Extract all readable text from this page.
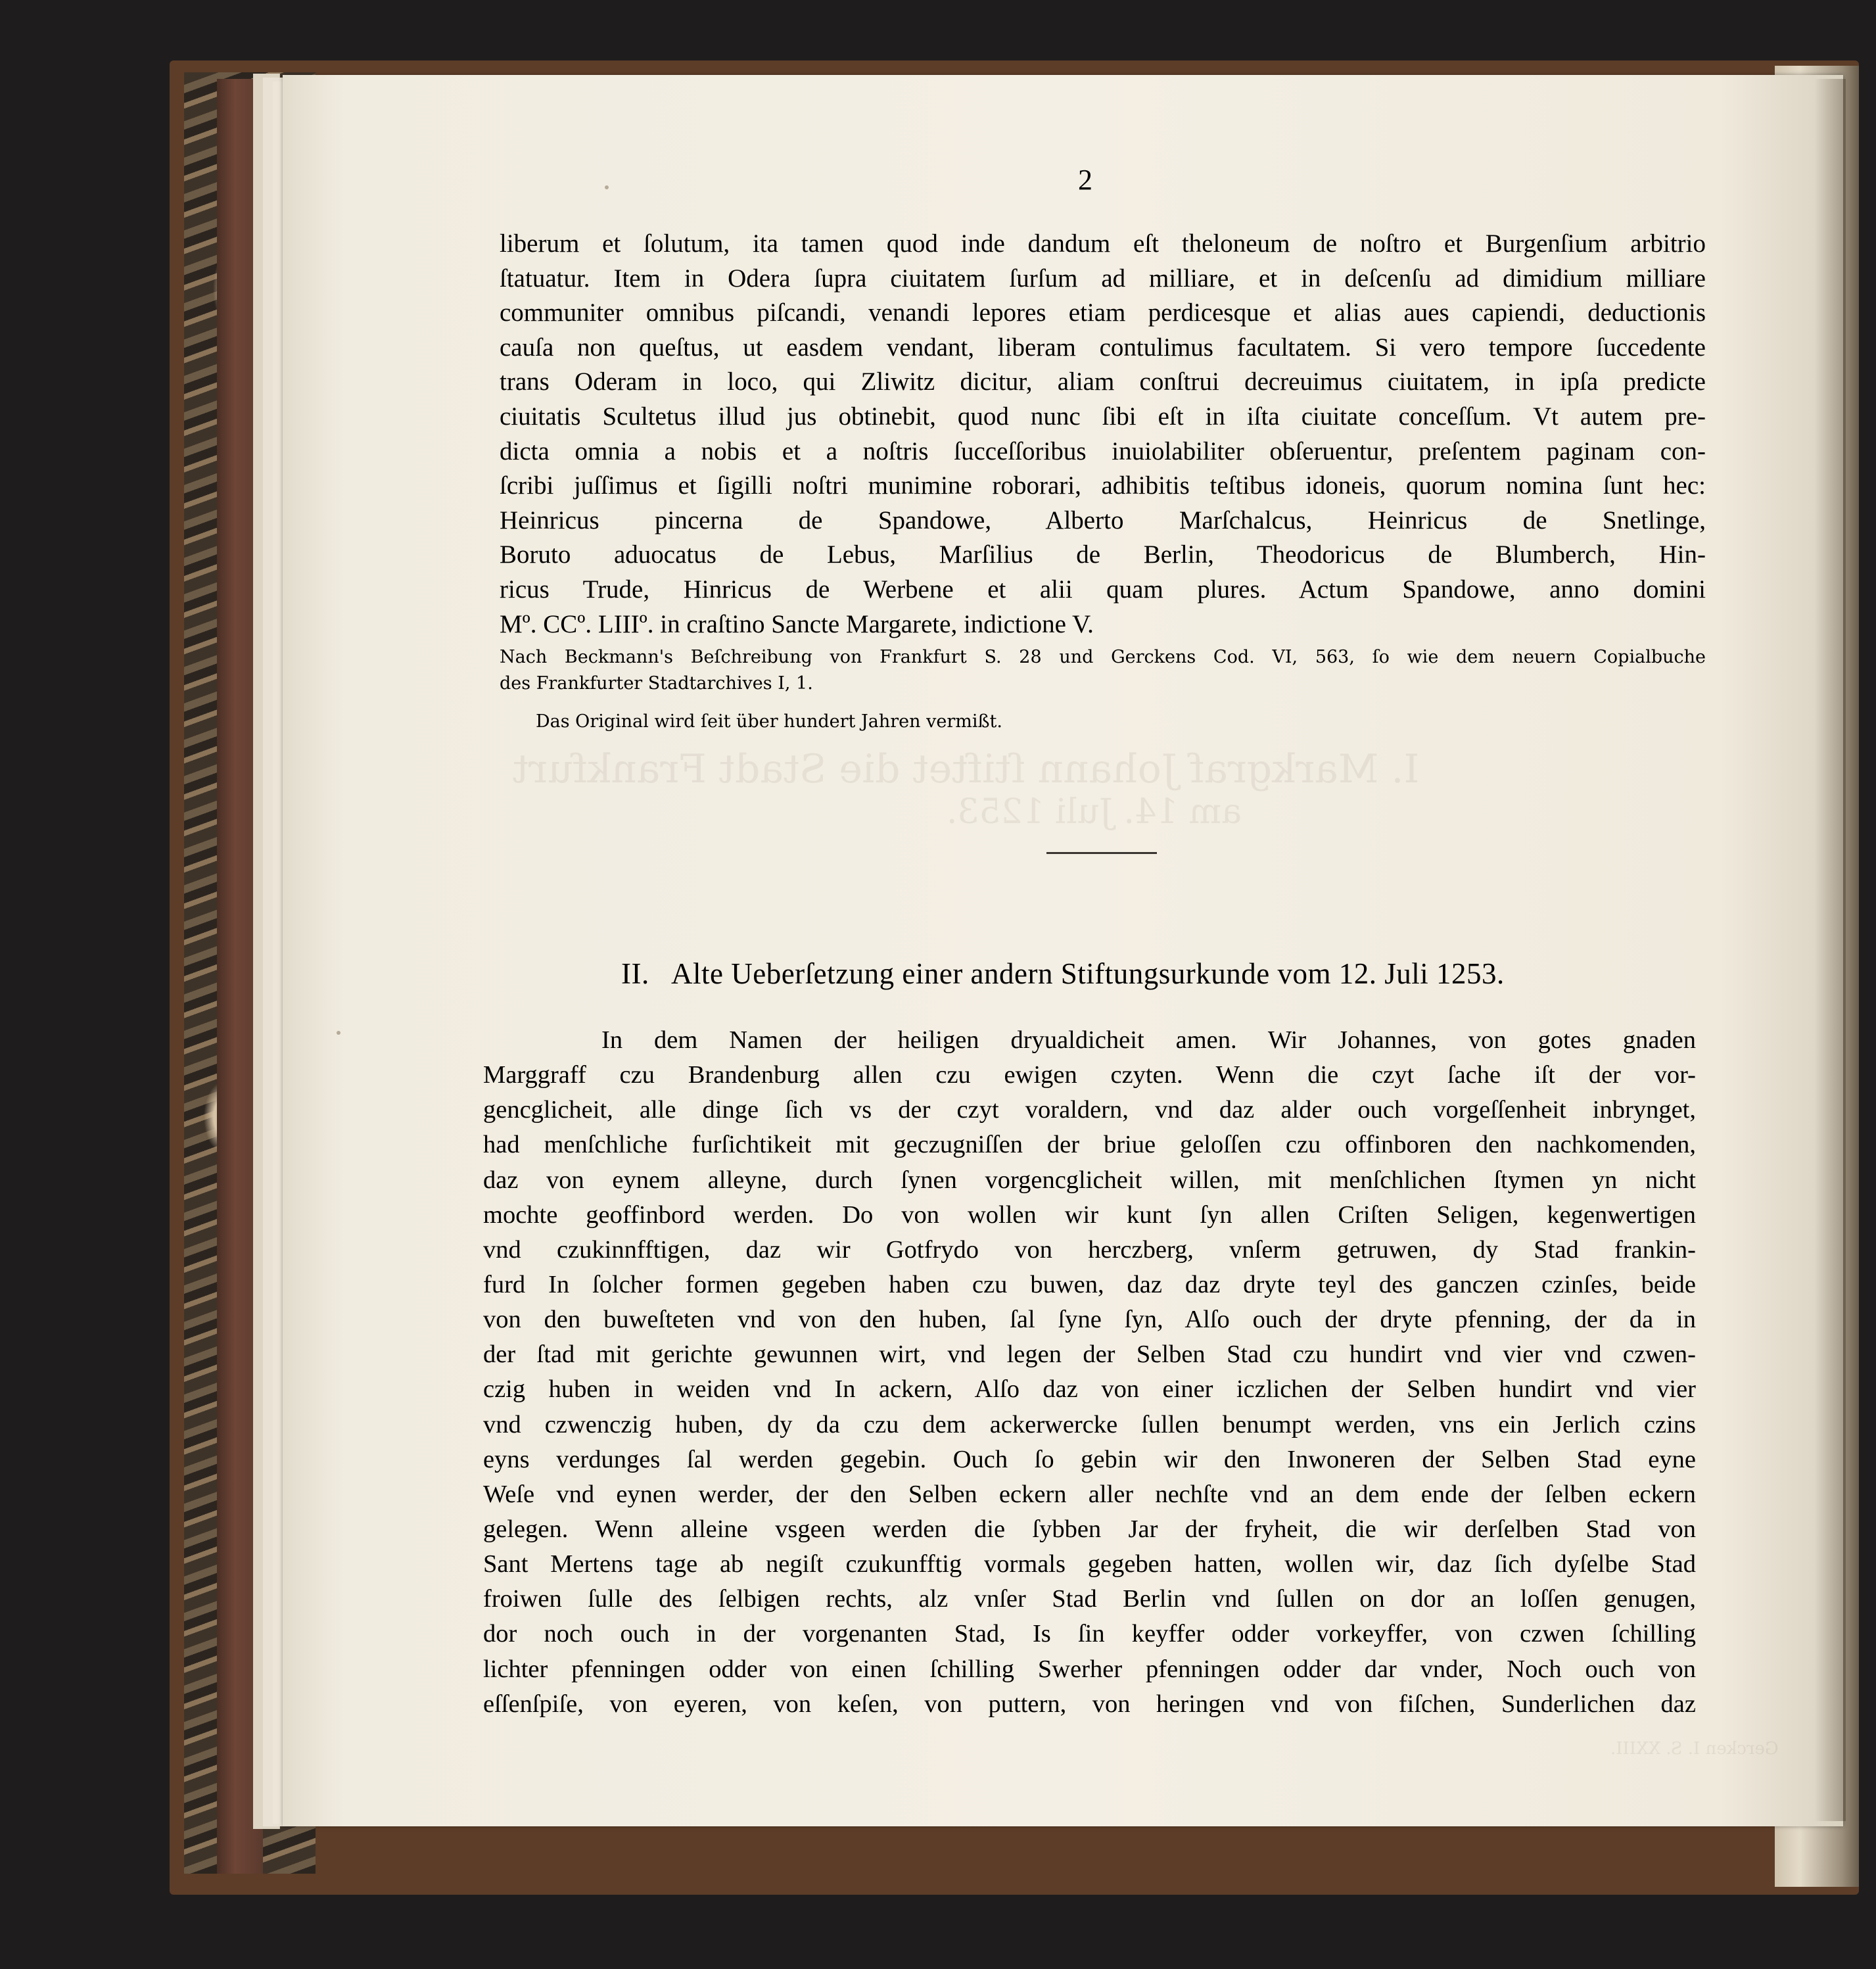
I. Markgraf Johann ſtiftet die Stadt Frankfurt
am 14. Juli 1253.
Gercken I. S. XXIII.
2
liberum et ſolutum, ita tamen quod inde dandum eſt theloneum de noſtro et Burgenſium arbitrio
ſtatuatur. Item in Odera ſupra ciuitatem ſurſum ad milliare, et in deſcenſu ad dimidium milliare
communiter omnibus piſcandi, venandi lepores etiam perdicesque et alias aues capiendi, deductionis
cauſa non queſtus, ut easdem vendant, liberam contulimus facultatem. Si vero tempore ſuccedente
trans Oderam in loco, qui Zliwitz dicitur, aliam conſtrui decreuimus ciuitatem, in ipſa predicte
ciuitatis Scultetus illud jus obtinebit, quod nunc ſibi eſt in iſta ciuitate conceſſum. Vt autem pre-
dicta omnia a nobis et a noſtris ſucceſſoribus inuiolabiliter obſeruentur, preſentem paginam con-
ſcribi juſſimus et ſigilli noſtri munimine roborari, adhibitis teſtibus idoneis, quorum nomina ſunt hec:
Heinricus pincerna de Spandowe, Alberto Marſchalcus, Heinricus de Snetlinge,
Boruto aduocatus de Lebus, Marſilius de Berlin, Theodoricus de Blumberch, Hin-
ricus Trude, Hinricus de Werbene et alii quam plures. Actum Spandowe, anno domini
Mº. CCº. LIIIº. in craſtino Sancte Margarete, indictione V.
Nach Beckmann's Beſchreibung von Frankfurt S. 28 und Gerckens Cod. VI, 563, ſo wie dem neuern Copialbuche
des Frankfurter Stadtarchives I, 1.
Das Original wird ſeit über hundert Jahren vermißt.
II. Alte Ueberſetzung einer andern Stiftungsurkunde vom 12. Juli 1253.
In dem Namen der heiligen dryualdicheit amen. Wir Johannes, von gotes gnaden
Marggraff czu Brandenburg allen czu ewigen czyten. Wenn die czyt ſache iſt der vor-
gencglicheit, alle dinge ſich vs der czyt voraldern, vnd daz alder ouch vorgeſſenheit inbrynget,
had menſchliche furſichtikeit mit geczugniſſen der briue geloſſen czu offinboren den nachkomenden,
daz von eynem alleyne, durch ſynen vorgencglicheit willen, mit menſchlichen ſtymen yn nicht
mochte geoffinbord werden. Do von wollen wir kunt ſyn allen Criſten Seligen, kegenwertigen
vnd czukinnfftigen, daz wir Gotfrydo von herczberg, vnſerm getruwen, dy Stad frankin-
furd In ſolcher formen gegeben haben czu buwen, daz daz dryte teyl des ganczen czinſes, beide
von den buweſteten vnd von den huben, ſal ſyne ſyn, Alſo ouch der dryte pfenning, der da in
der ſtad mit gerichte gewunnen wirt, vnd legen der Selben Stad czu hundirt vnd vier vnd czwen-
czig huben in weiden vnd In ackern, Alſo daz von einer iczlichen der Selben hundirt vnd vier
vnd czwenczig huben, dy da czu dem ackerwercke ſullen benumpt werden, vns ein Jerlich czins
eyns verdunges ſal werden gegebin. Ouch ſo gebin wir den Inwoneren der Selben Stad eyne
Weſe vnd eynen werder, der den Selben eckern aller nechſte vnd an dem ende der ſelben eckern
gelegen. Wenn alleine vsgeen werden die ſybben Jar der fryheit, die wir derſelben Stad von
Sant Mertens tage ab negiſt czukunfftig vormals gegeben hatten, wollen wir, daz ſich dyſelbe Stad
froiwen ſulle des ſelbigen rechts, alz vnſer Stad Berlin vnd ſullen on dor an loſſen genugen,
dor noch ouch in der vorgenanten Stad, Is ſin keyffer odder vorkeyffer, von czwen ſchilling
lichter pfenningen odder von einen ſchilling Swerher pfenningen odder dar vnder, Noch ouch von
eſſenſpiſe, von eyeren, von keſen, von puttern, von heringen vnd von fiſchen, Sunderlichen daz
